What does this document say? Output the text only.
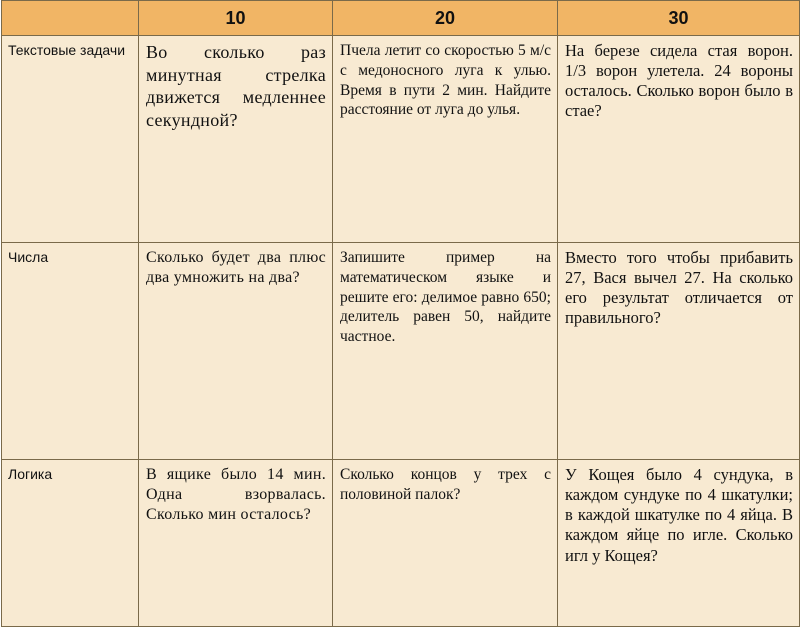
	10	20	30
Текстовые задачи	Во сколько раз минутная стрелка движется медленнее секундной?	Пчела летит со скоростью 5 м/с с медоносного луга к улью. Время в пути 2 мин. Найдите расстояние от луга до улья.	На березе сидела стая ворон. 1/3 ворон улетела. 24 вороны осталось. Сколько ворон было в стае?
Числа	Сколько будет два плюс два умножить на два?	Запишите пример на математическом языке и решите его: делимое равно 650; делитель равен 50, найдите частное.	Вместо того чтобы прибавить 27, Вася вычел 27. На сколько его результат отличается от правильного?
Логика	В ящике было 14 мин. Одна взорвалась. Сколько мин осталось?	Сколько концов у трех с половиной палок?	У Кощея было 4 сундука, в каждом сундуке по 4 шкатулки; в каждой шкатулке по 4 яйца. В каждом яйце по игле. Сколько игл у Кощея?
